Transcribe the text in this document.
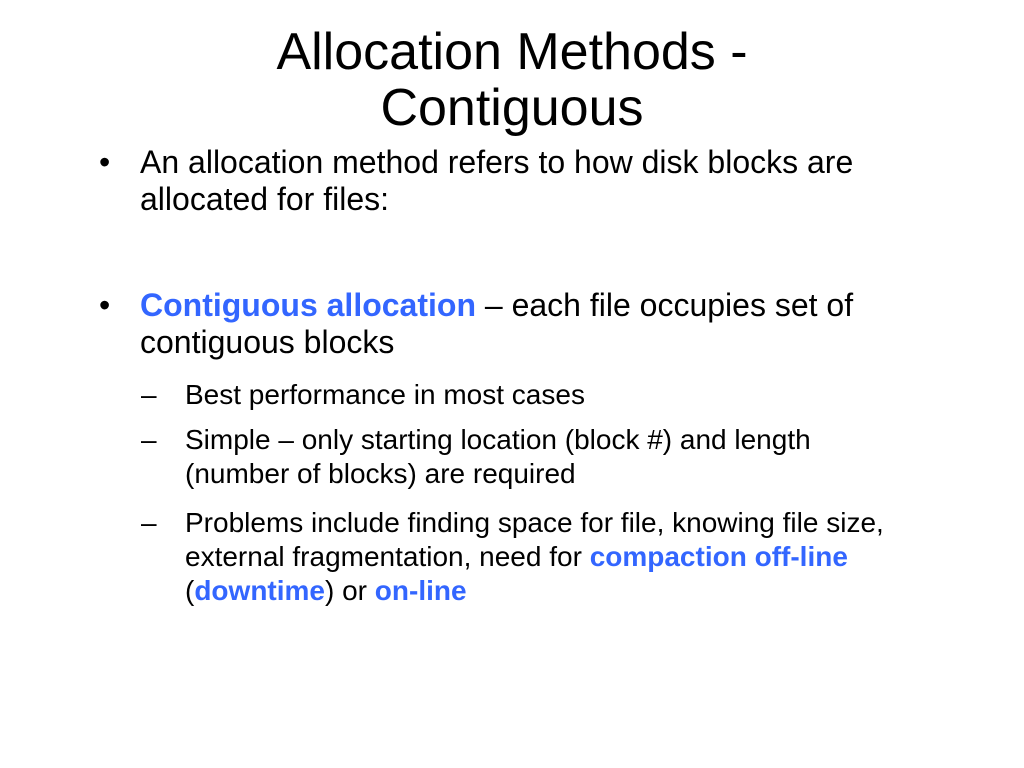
• An allocation method refers to how disk blocks are allocated for files:
• Contiguous allocation – each file occupies set of contiguous blocks
– Best performance in most cases
– Simple – only starting location (block #) and length (number of blocks) are required
– Problems include finding space for file, knowing file size, external fragmentation, need for compaction off-line (downtime) or on-line
Allocation Methods -
Contiguous
